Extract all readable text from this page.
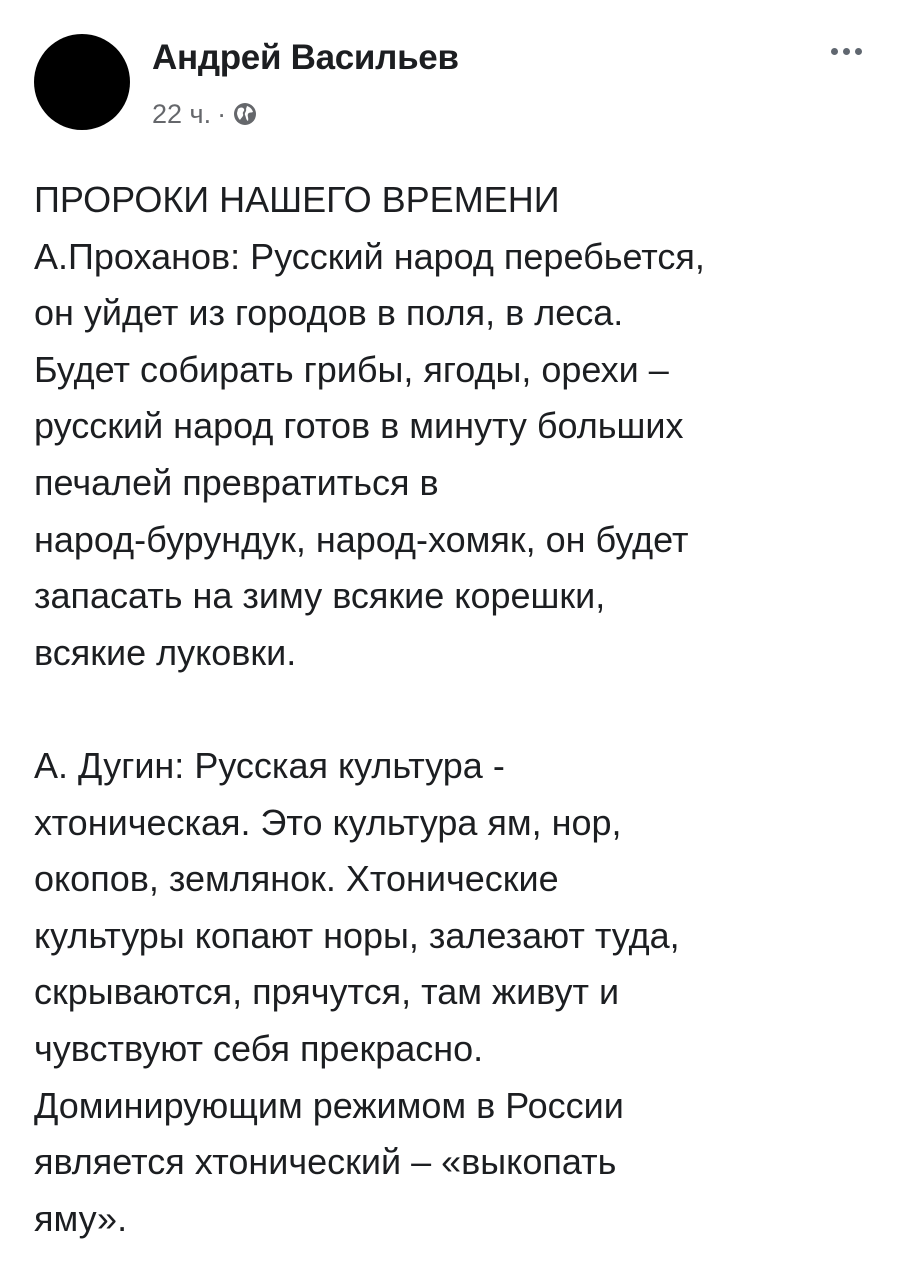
Андрей Васильев
22 ч. ·
ПРОРОКИ НАШЕГО ВРЕМЕНИ
А.Проханов: Русский народ перебьется,
он уйдет из городов в поля, в леса.
Будет собирать грибы, ягоды, орехи –
русский народ готов в минуту больших
печалей превратиться в
народ-бурундук, народ-хомяк, он будет
запасать на зиму всякие корешки,
всякие луковки.
А. Дугин: Русская культура -
хтоническая. Это культура ям, нор,
окопов, землянок. Хтонические
культуры копают норы, залезают туда,
скрываются, прячутся, там живут и
чувствуют себя прекрасно.
Доминирующим режимом в России
является хтонический – «выкопать
яму».
